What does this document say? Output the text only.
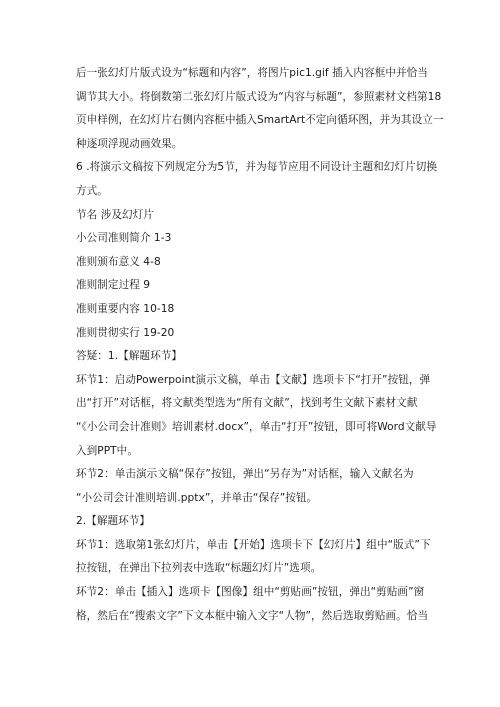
后一张幻灯片版式设为“标题和内容”，将图片pic1.gif 插入内容框中并恰当
调节其大小。将倒数第二张幻灯片版式设为“内容与标题”，参照素材文档第18
页申样例，在幻灯片右侧内容框中插入SmartArt不定向循环图，并为其设立一
种逐项浮现动画效果。
6 .将演示文稿按下列规定分为5节，并为每节应用不同设计主题和幻灯片切换
方式。
节名 涉及幻灯片
小公司准则简介 1-3
准则颁布意义 4-8
准则制定过程 9
准则重要内容 10-18
准则贯彻实行 19-20
答疑：1.【解题环节】
环节1：启动Powerpoint演示文稿，单击【文献】选项卡下“打开”按钮，弹
出“打开”对话框，将文献类型选为“所有文献”，找到考生文献下素材文献
“《小公司会计准则》培训素材.docx”，单击“打开”按钮，即可将Word文献导
入到PPT中。
环节2：单击演示文稿“保存”按钮，弹出“另存为”对话框，输入文献名为
“小公司会计准则培训.pptx”，并单击“保存”按钮。
2.【解题环节】
环节1：选取第1张幻灯片，单击【开始】选项卡下【幻灯片】组中“版式”下
拉按钮，在弹出下拉列表中选取“标题幻灯片”选项。
环节2：单击【插入】选项卡【图像】组中“剪贴画”按钮，弹出“剪贴画”窗
格，然后在“搜索文字”下文本框中输入文字“人物”，然后选取剪贴画。恰当
